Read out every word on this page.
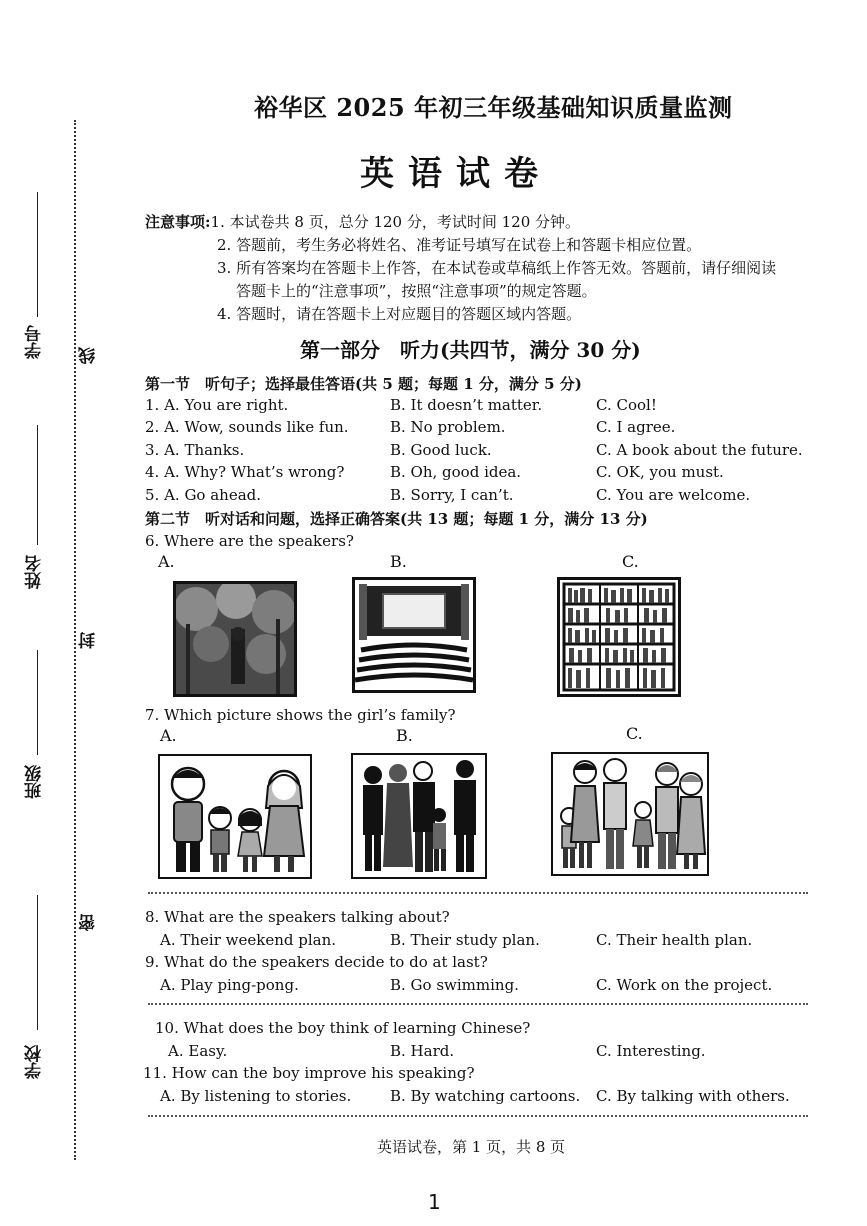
学号
姓名
班级
学校
线
封
密
裕华区 2025 年初三年级基础知识质量监测
英语试卷
注意事项: 1. 本试卷共 8 页，总分 120 分，考试时间 120 分钟。
2. 答题前，考生务必将姓名、准考证号填写在试卷上和答题卡相应位置。
3. 所有答案均在答题卡上作答，在本试卷或草稿纸上作答无效。答题前，请仔细阅读
答题卡上的“注意事项”，按照“注意事项”的规定答题。
4. 答题时，请在答题卡上对应题目的答题区域内答题。
第一部分　听力(共四节，满分 30 分)
第一节　听句子；选择最佳答语(共 5 题；每题 1 分，满分 5 分)
1. A. You are right.	B. It doesn’t matter.	C. Cool!
2. A. Wow, sounds like fun.	B. No problem.	C. I agree.
3. A. Thanks.	B. Good luck.	C. A book about the future.
4. A. Why? What’s wrong?	B. Oh, good idea.	C. OK, you must.
5. A. Go ahead.	B. Sorry, I can’t.	C. You are welcome.
第二节　听对话和问题，选择正确答案(共 13 题；每题 1 分，满分 13 分)
6. Where are the speakers?
A.	B.	C.
7. Which picture shows the girl’s family?
A.	B.	C.
8. What are the speakers talking about?
A. Their weekend plan.	B. Their study plan.	C. Their health plan.
9. What do the speakers decide to do at last?
A. Play ping-pong.	B. Go swimming.	C. Work on the project.
10. What does the boy think of learning Chinese?
A. Easy.	B. Hard.	C. Interesting.
11. How can the boy improve his speaking?
A. By listening to stories.	B. By watching cartoons. C. By talking with others.
英语试卷，第 1 页，共 8 页
1
